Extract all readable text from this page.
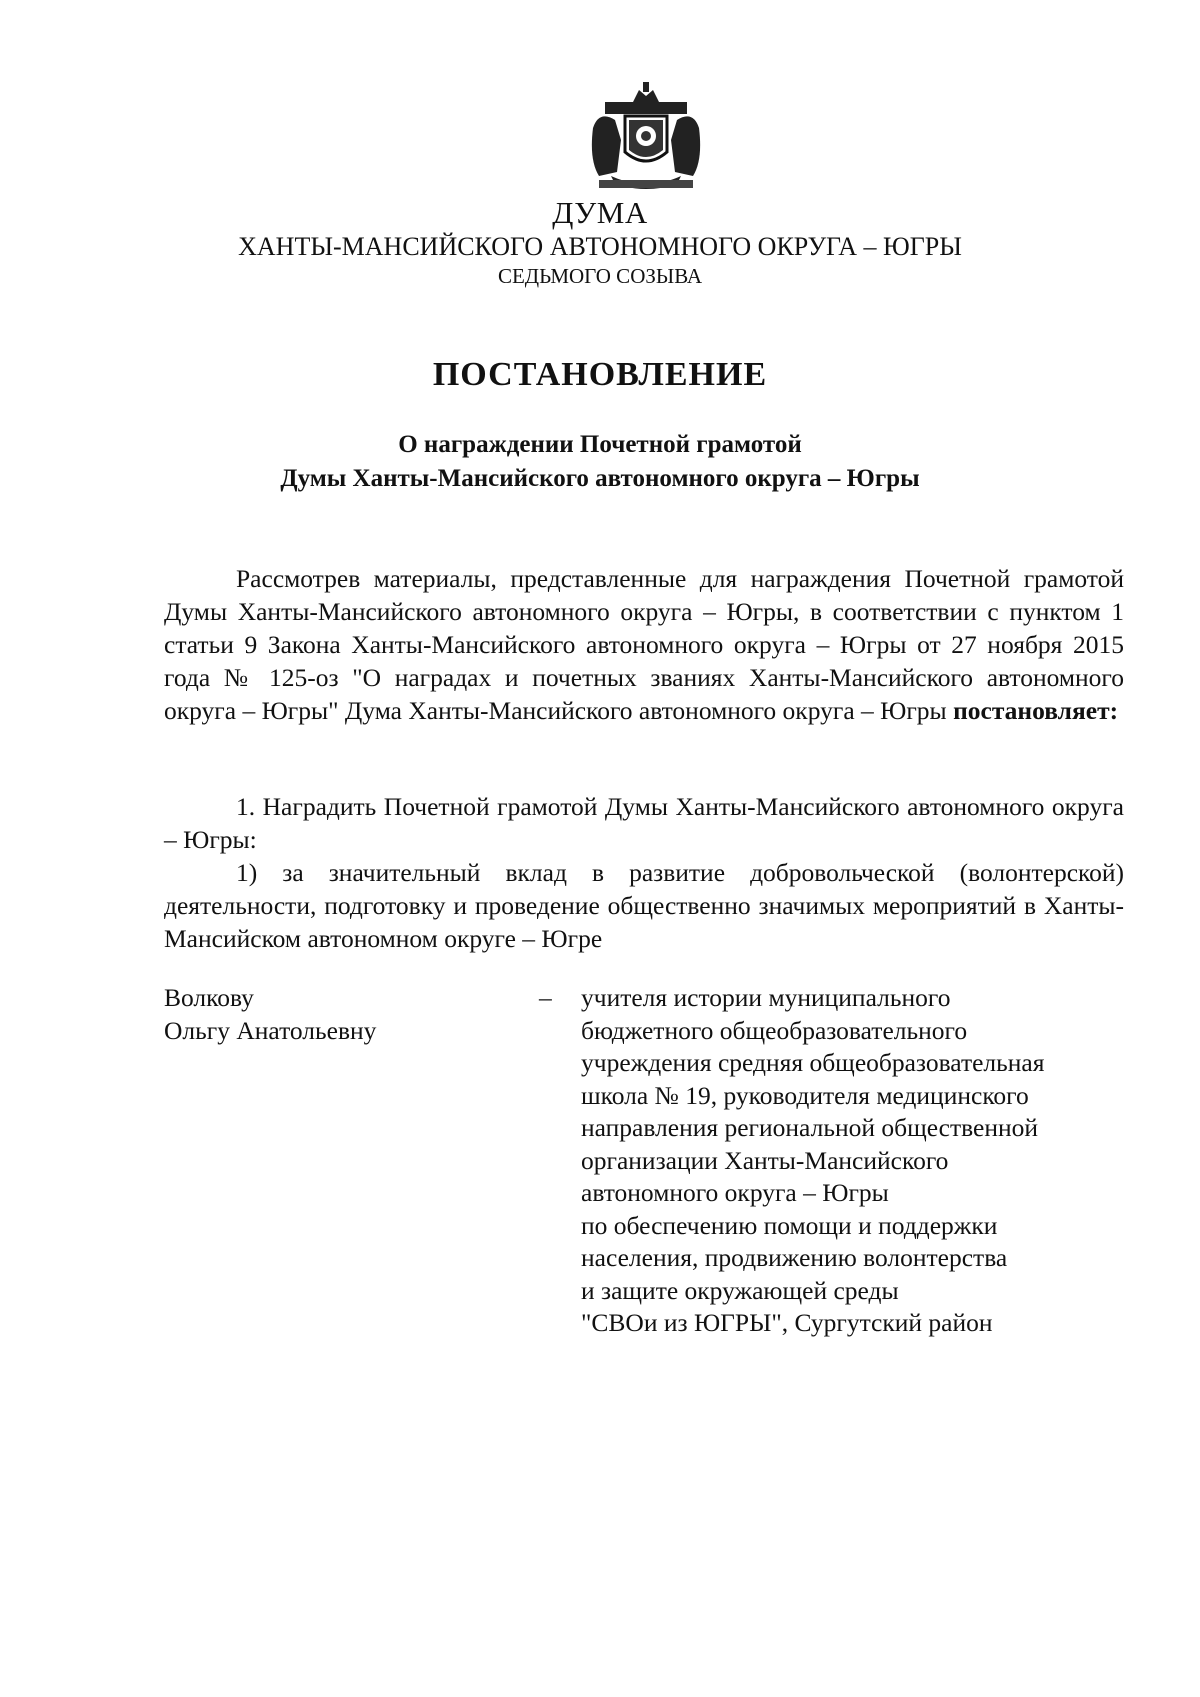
ДУМА
ХАНТЫ-МАНСИЙСКОГО АВТОНОМНОГО ОКРУГА – ЮГРЫ
СЕДЬМОГО СОЗЫВА
ПОСТАНОВЛЕНИЕ
О награждении Почетной грамотой
Думы Ханты-Мансийского автономного округа – Югры

Рассмотрев материалы, представленные для награждения Почетной грамотой Думы Ханты-Мансийского автономного округа – Югры, в соответствии с пунктом 1 статьи 9 Закона Ханты-Мансийского автономного округа – Югры от 27 ноября 2015 года № 125-оз "О наградах и почетных званиях Ханты-Мансийского автономного округа – Югры" Дума Ханты-Мансийского автономного округа – Югры постановляет:

1. Наградить Почетной грамотой Думы Ханты-Мансийского автономного округа – Югры:

1) за значительный вклад в развитие добровольческой (волонтерской) деятельности, подготовку и проведение общественно значимых мероприятий в Ханты-Мансийском автономном округе – Югре

Волкову
Ольгу Анатольевну
– учителя истории муниципального
бюджетного общеобразовательного
учреждения средняя общеобразовательная
школа № 19, руководителя медицинского
направления региональной общественной
организации Ханты-Мансийского
автономного округа – Югры
по обеспечению помощи и поддержки
населения, продвижению волонтерства
и защите окружающей среды
"СВОи из ЮГРЫ", Сургутский район
